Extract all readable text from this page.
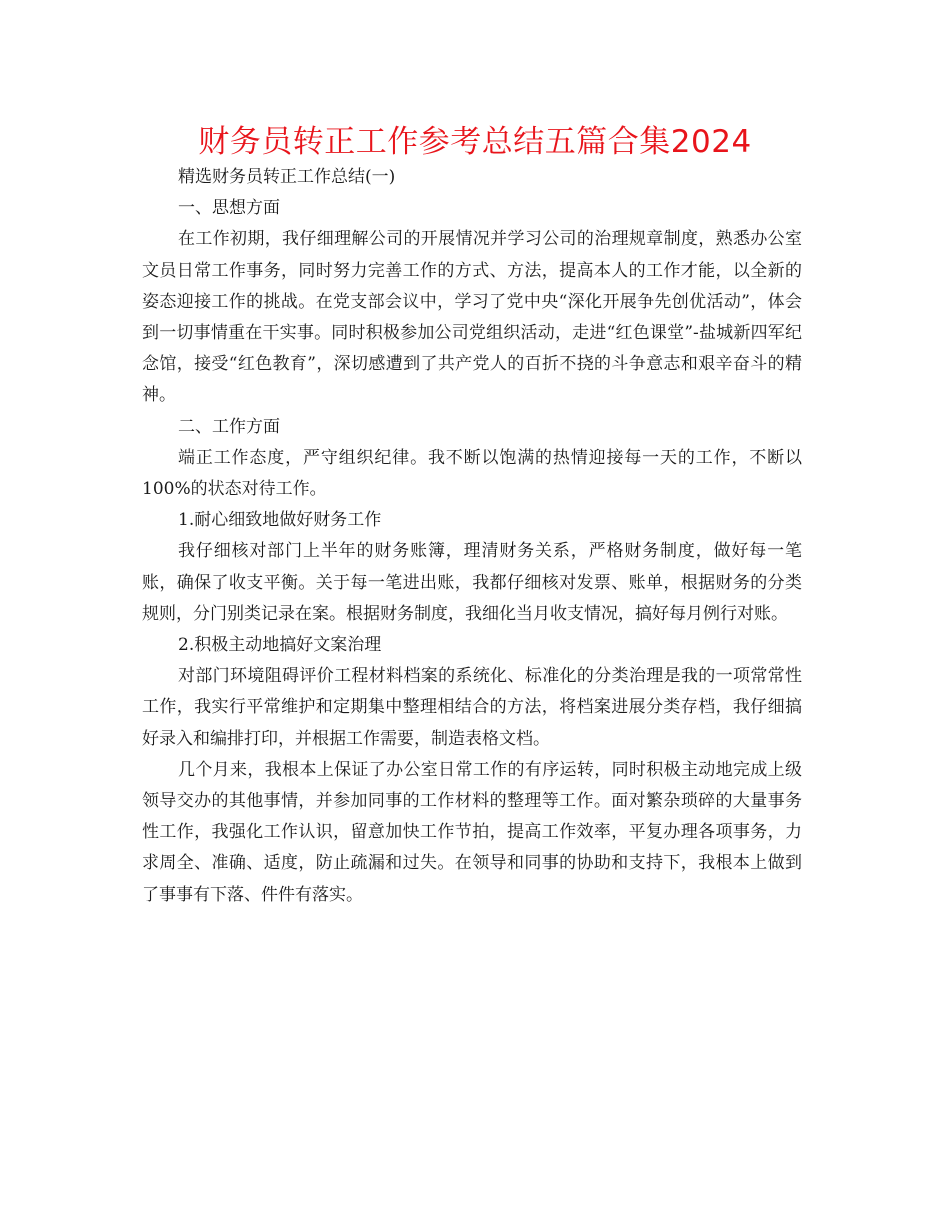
财务员转正工作参考总结五篇合集2024

精选财务员转正工作总结(一)

一、思想方面

在工作初期，我仔细理解公司的开展情况并学习公司的治理规章制度，熟悉办公室文员日常工作事务，同时努力完善工作的方式、方法，提高本人的工作才能，以全新的姿态迎接工作的挑战。在党支部会议中，学习了党中央“深化开展争先创优活动”，体会到一切事情重在干实事。同时积极参加公司党组织活动，走进“红色课堂”-盐城新四军纪念馆，接受“红色教育”，深切感遭到了共产党人的百折不挠的斗争意志和艰辛奋斗的精神。

二、工作方面

端正工作态度，严守组织纪律。我不断以饱满的热情迎接每一天的工作，不断以100%的状态对待工作。

1.耐心细致地做好财务工作

我仔细核对部门上半年的财务账簿，理清财务关系，严格财务制度，做好每一笔账，确保了收支平衡。关于每一笔进出账，我都仔细核对发票、账单，根据财务的分类规则，分门别类记录在案。根据财务制度，我细化当月收支情况，搞好每月例行对账。

2.积极主动地搞好文案治理

对部门环境阻碍评价工程材料档案的系统化、标准化的分类治理是我的一项常常性工作，我实行平常维护和定期集中整理相结合的方法，将档案进展分类存档，我仔细搞好录入和编排打印，并根据工作需要，制造表格文档。

几个月来，我根本上保证了办公室日常工作的有序运转，同时积极主动地完成上级领导交办的其他事情，并参加同事的工作材料的整理等工作。面对繁杂琐碎的大量事务性工作，我强化工作认识，留意加快工作节拍，提高工作效率，平复办理各项事务，力求周全、准确、适度，防止疏漏和过失。在领导和同事的协助和支持下，我根本上做到了事事有下落、件件有落实。
